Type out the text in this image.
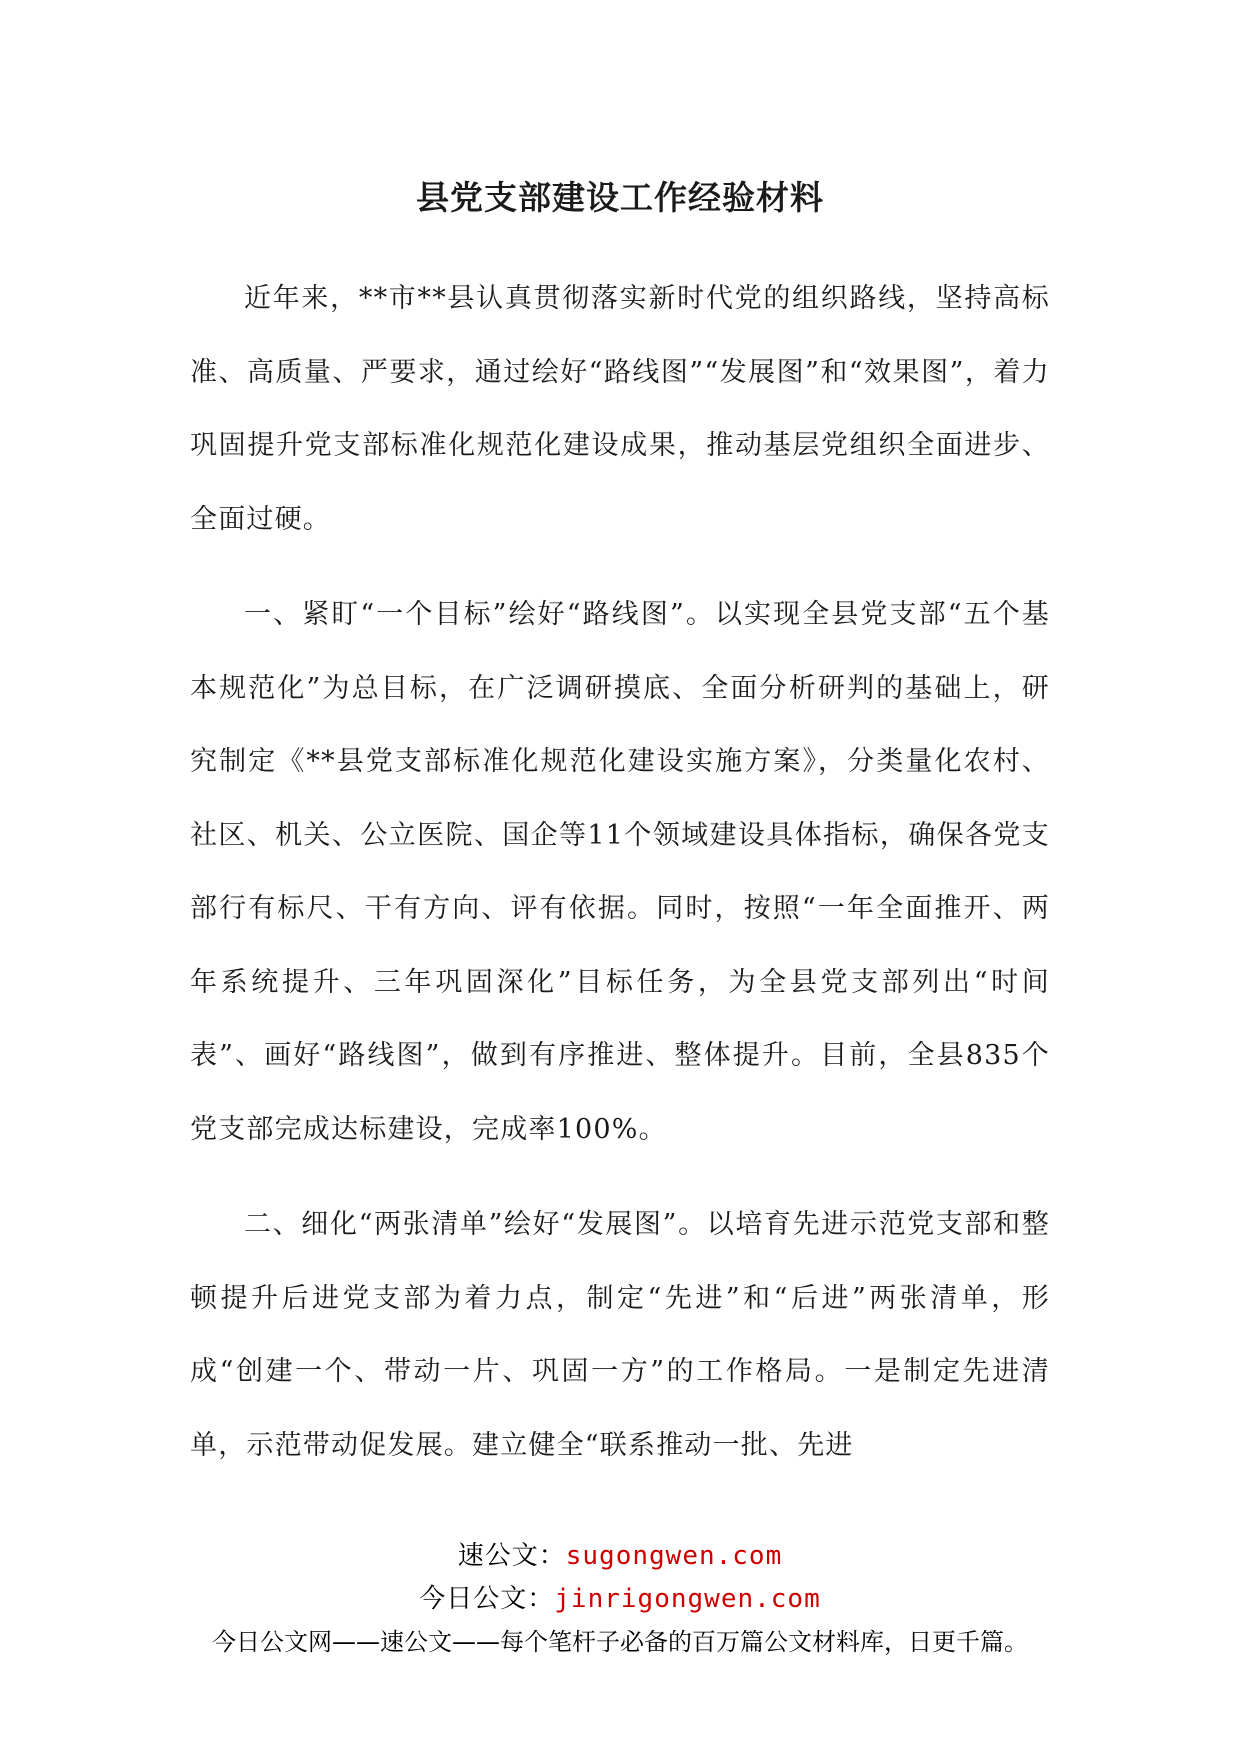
县党支部建设工作经验材料

近年来，**市**县认真贯彻落实新时代党的组织路线，坚持高标准、高质量、严要求，通过绘好“路线图”“发展图”和“效果图”，着力巩固提升党支部标准化规范化建设成果，推动基层党组织全面进步、全面过硬。

一、紧盯“一个目标”绘好“路线图”。以实现全县党支部“五个基本规范化”为总目标，在广泛调研摸底、全面分析研判的基础上，研究制定《**县党支部标准化规范化建设实施方案》，分类量化农村、社区、机关、公立医院、国企等11个领域建设具体指标，确保各党支部行有标尺、干有方向、评有依据。同时，按照“一年全面推开、两年系统提升、三年巩固深化”目标任务，为全县党支部列出“时间表”、画好“路线图”，做到有序推进、整体提升。目前，全县835个党支部完成达标建设，完成率100%。

二、细化“两张清单”绘好“发展图”。以培育先进示范党支部和整顿提升后进党支部为着力点，制定“先进”和“后进”两张清单，形成“创建一个、带动一片、巩固一方”的工作格局。一是制定先进清单，示范带动促发展。建立健全“联系推动一批、先进

速公文：sugongwen.com
今日公文：jinrigongwen.com
今日公文网——速公文——每个笔杆子必备的百万篇公文材料库，日更千篇。
